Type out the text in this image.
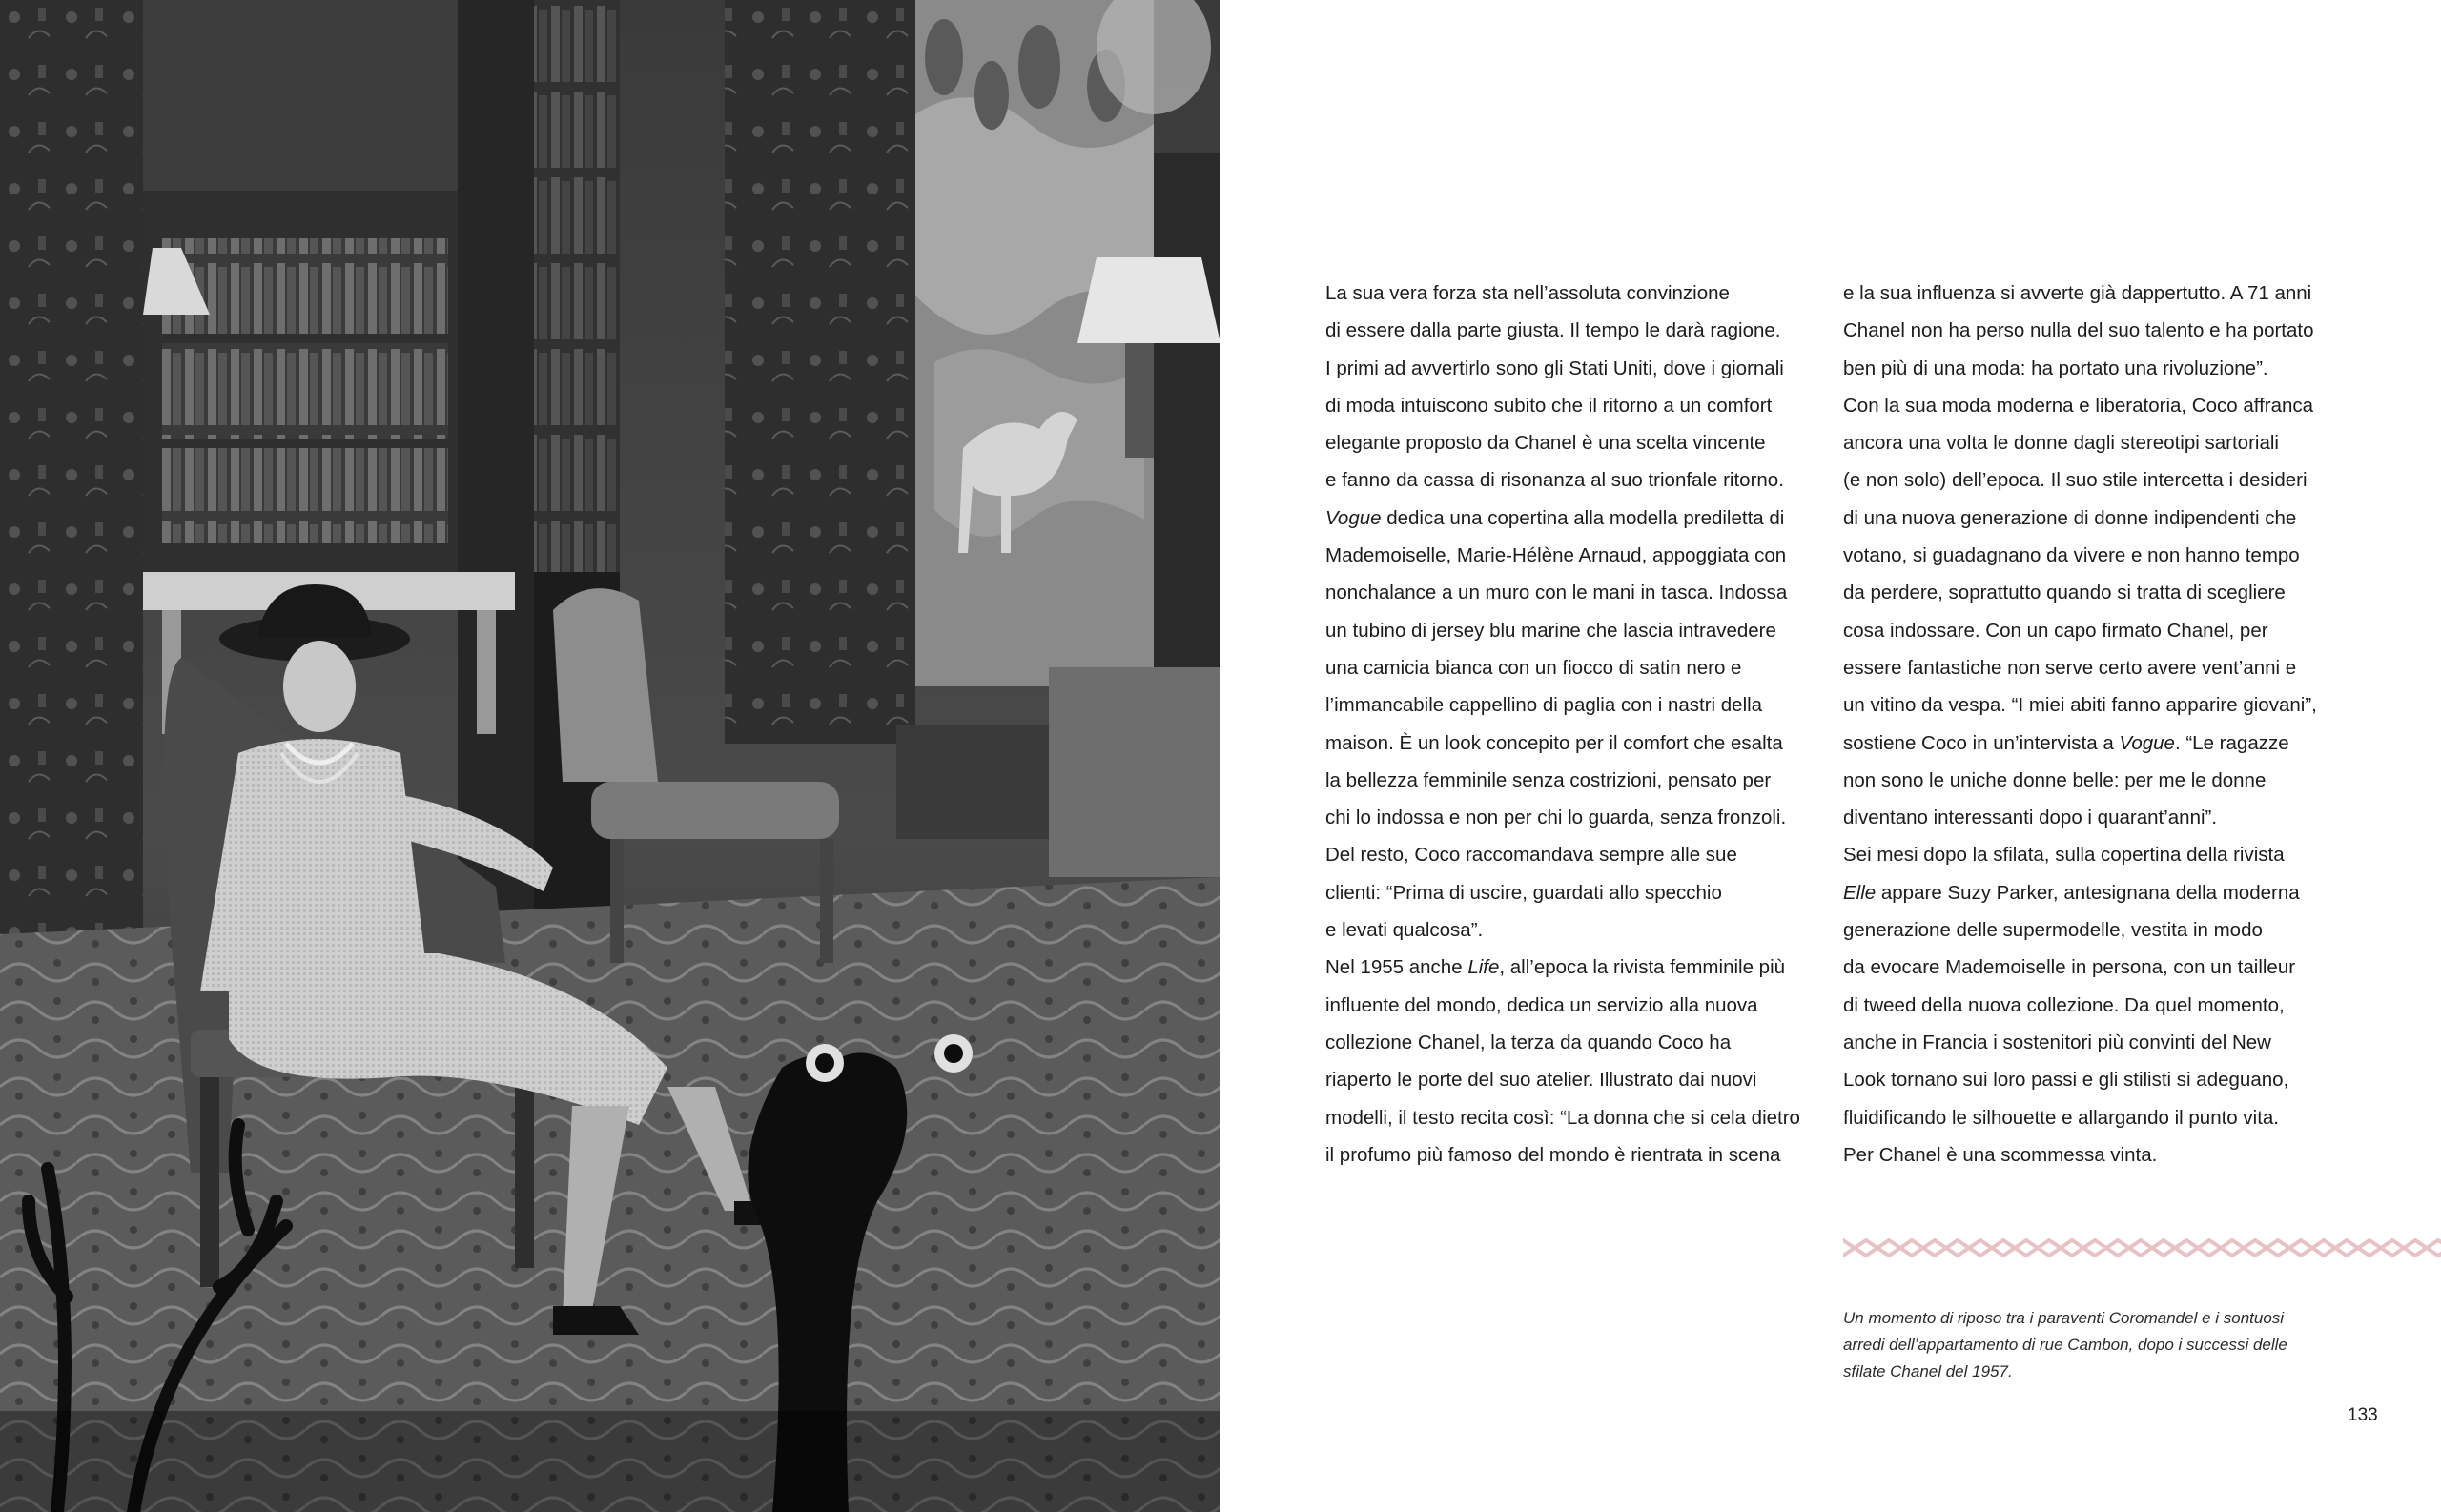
La sua vera forza sta nell’assoluta convinzione
di essere dalla parte giusta. Il tempo le darà ragione.
I primi ad avvertirlo sono gli Stati Uniti, dove i giornali
di moda intuiscono subito che il ritorno a un comfort
elegante proposto da Chanel è una scelta vincente
e fanno da cassa di risonanza al suo trionfale ritorno.
Vogue dedica una copertina alla modella prediletta di
Mademoiselle, Marie-Hélène Arnaud, appoggiata con
nonchalance a un muro con le mani in tasca. Indossa
un tubino di jersey blu marine che lascia intravedere
una camicia bianca con un fiocco di satin nero e
l’immancabile cappellino di paglia con i nastri della
maison. È un look concepito per il comfort che esalta
la bellezza femminile senza costrizioni, pensato per
chi lo indossa e non per chi lo guarda, senza fronzoli.
Del resto, Coco raccomandava sempre alle sue
clienti: “Prima di uscire, guardati allo specchio
e levati qualcosa”.
Nel 1955 anche Life, all’epoca la rivista femminile più
influente del mondo, dedica un servizio alla nuova
collezione Chanel, la terza da quando Coco ha
riaperto le porte del suo atelier. Illustrato dai nuovi
modelli, il testo recita così: “La donna che si cela dietro
il profumo più famoso del mondo è rientrata in scena
e la sua influenza si avverte già dappertutto. A 71 anni
Chanel non ha perso nulla del suo talento e ha portato
ben più di una moda: ha portato una rivoluzione”.
Con la sua moda moderna e liberatoria, Coco affranca
ancora una volta le donne dagli stereotipi sartoriali
(e non solo) dell’epoca. Il suo stile intercetta i desideri
di una nuova generazione di donne indipendenti che
votano, si guadagnano da vivere e non hanno tempo
da perdere, soprattutto quando si tratta di scegliere
cosa indossare. Con un capo firmato Chanel, per
essere fantastiche non serve certo avere vent’anni e
un vitino da vespa. “I miei abiti fanno apparire giovani”,
sostiene Coco in un’intervista a Vogue. “Le ragazze
non sono le uniche donne belle: per me le donne
diventano interessanti dopo i quarant’anni”.
Sei mesi dopo la sfilata, sulla copertina della rivista
Elle appare Suzy Parker, antesignana della moderna
generazione delle supermodelle, vestita in modo
da evocare Mademoiselle in persona, con un tailleur
di tweed della nuova collezione. Da quel momento,
anche in Francia i sostenitori più convinti del New
Look tornano sui loro passi e gli stilisti si adeguano,
fluidificando le silhouette e allargando il punto vita.
Per Chanel è una scommessa vinta.
Un momento di riposo tra i paraventi Coromandel e i sontuosi
arredi dell’appartamento di rue Cambon, dopo i successi delle
sfilate Chanel del 1957.
133
